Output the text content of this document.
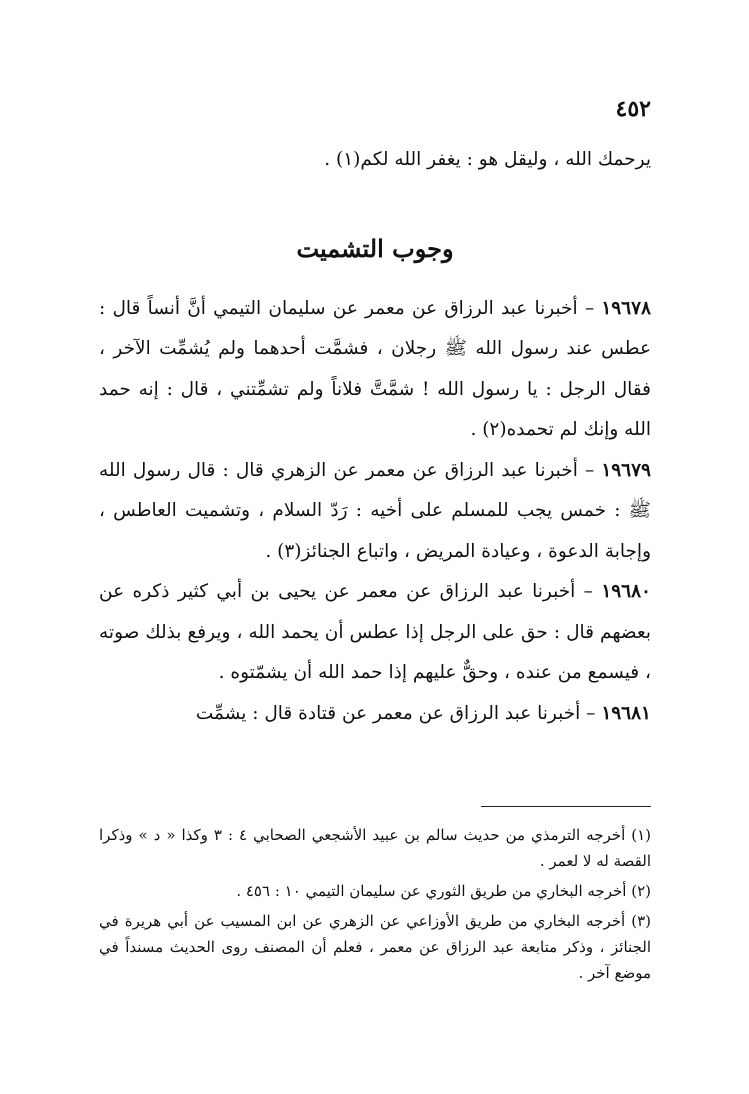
٤٥٢

يرحمك الله ، وليقل هو : يغفر الله لكم(١) .

وجوب التشميت

١٩٦٧٨ – أخبرنا عبد الرزاق عن معمر عن سليمان التيمي أنَّ أنساً قال : عطس عند رسول الله ﷺ رجلان ، فشمَّت أحدهما ولم يُشمِّت الآخر ، فقال الرجل : يا رسول الله ! شمَّتَّ فلاناً ولم تشمِّتني ، قال : إنه حمد الله وإنك لم تحمده(٢) .

١٩٦٧٩ – أخبرنا عبد الرزاق عن معمر عن الزهري قال : قال رسول الله ﷺ : خمس يجب للمسلم على أخيه : رَدّ السلام ، وتشميت العاطس ، وإجابة الدعوة ، وعيادة المريض ، واتباع الجنائز(٣) .

١٩٦٨٠ – أخبرنا عبد الرزاق عن معمر عن يحيى بن أبي كثير ذكره عن بعضهم قال : حق على الرجل إذا عطس أن يحمد الله ، ويرفع بذلك صوته ، فيسمع من عنده ، وحقٌّ عليهم إذا حمد الله أن يشمّتوه .

١٩٦٨١ – أخبرنا عبد الرزاق عن معمر عن قتادة قال : يشمِّت

(١) أخرجه الترمذي من حديث سالم بن عبيد الأشجعي الصحابي ٤ : ٣ وكذا « د » وذكرا القصة له لا لعمر .

(٢) أخرجه البخاري من طريق الثوري عن سليمان التيمي ١٠ : ٤٥٦ .

(٣) أخرجه البخاري من طريق الأوزاعي عن الزهري عن ابن المسيب عن أبي هريرة في الجنائز ، وذكر متابعة عبد الرزاق عن معمر ، فعلم أن المصنف روى الحديث مسنداً في موضع آخر .
